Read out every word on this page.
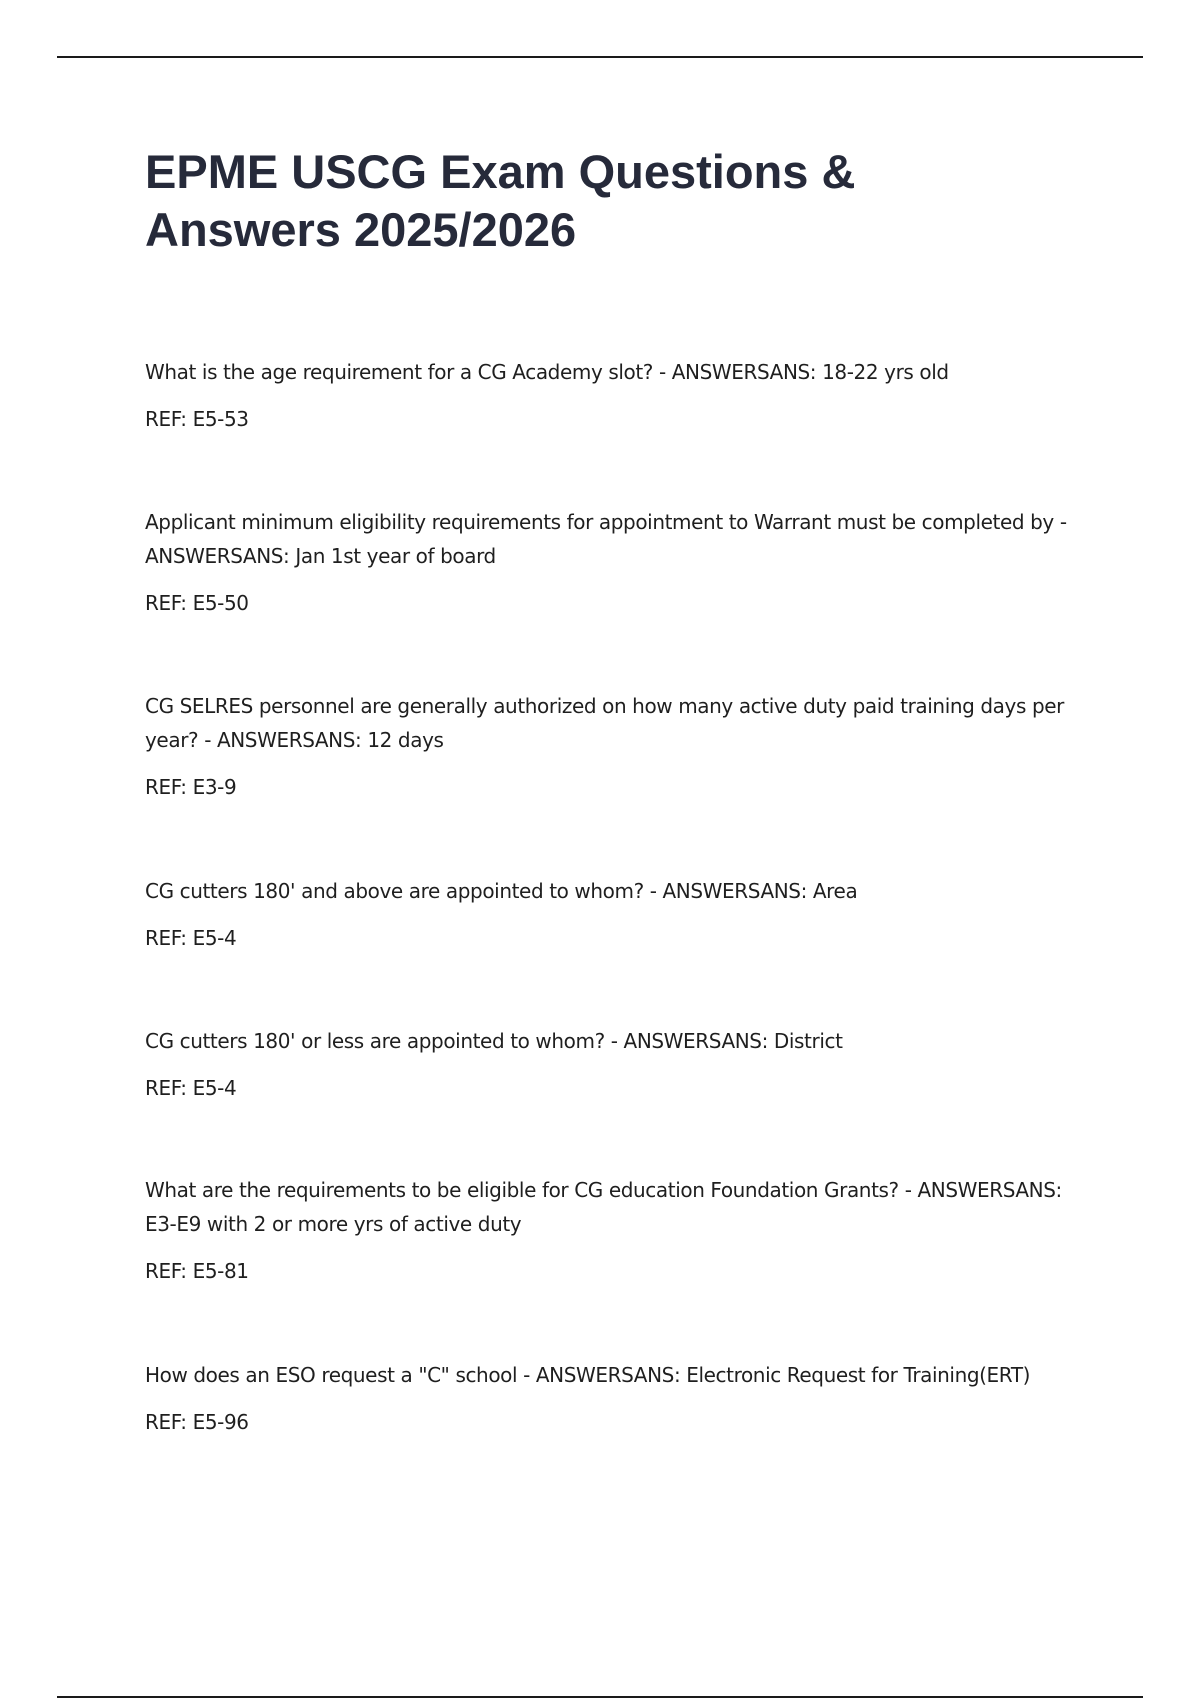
EPME USCG Exam Questions & Answers 2025/2026

What is the age requirement for a CG Academy slot? - ANSWERSANS: 18-22 yrs old

REF: E5-53

Applicant minimum eligibility requirements for appointment to Warrant must be completed by - ANSWERSANS: Jan 1st year of board

REF: E5-50

CG SELRES personnel are generally authorized on how many active duty paid training days per year? - ANSWERSANS: 12 days

REF: E3-9

CG cutters 180' and above are appointed to whom? - ANSWERSANS: Area

REF: E5-4

CG cutters 180' or less are appointed to whom? - ANSWERSANS: District

REF: E5-4

What are the requirements to be eligible for CG education Foundation Grants? - ANSWERSANS: E3-E9 with 2 or more yrs of active duty

REF: E5-81

How does an ESO request a "C" school - ANSWERSANS: Electronic Request for Training(ERT)

REF: E5-96
